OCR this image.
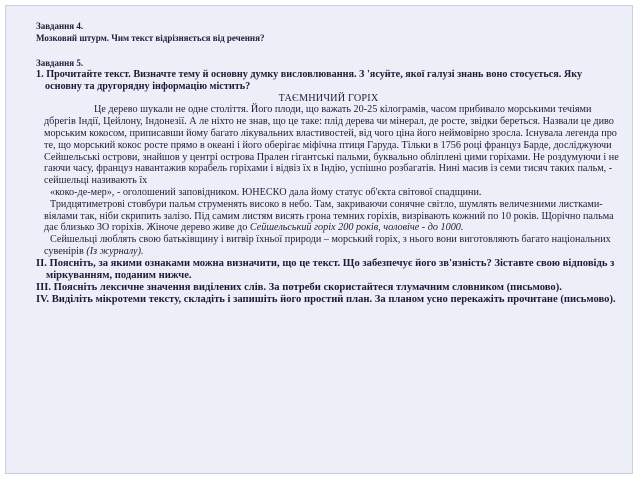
Завдання 4.

Мозковий штурм. Чим текст відрізняється від речення?

Завдання 5.

1. Прочитайте текст. Визначте тему й основну думку висловлювання. З 'ясуйте, якої галузі знань воно стосується. Яку основну та другорядну інформацію містить?

ТАЄМНИЧИЙ ГОРІХ

Це дерево шукали не одне століття. Його плоди, що важать 20-25 кілограмів, часом прибивало морськими течіями дбрегів Індії, Цейлону, Індонезії. А ле ніхто не знав, що це таке: плід дерева чи мінерал, де росте, звідки береться. Назвали це диво морським кокосом, приписавши йому багато лікувальних властивостей, від чого ціна його неймовірно зросла. Існувала легенда про те, що морський кокос росте прямо в океані і його оберігає міфічна птиця Гаруда. Тільки в 1756 році француз Барде, досліджуючи Сейшельські острови, знайшов у центрі острова Прален гігантські пальми, буквально обліплені цими горіхами. Не роздумуючи і не гаючи часу, француз навантажив корабель горіхами і відвіз їх в Індію, успішно розбагатів. Нині масив із семи тисяч таких пальм, - сейшельці називають їх

«коко-де-мер», - оголошений заповідником. ЮНЕСКО дала йому статус об'єкта світової спадщини.

Тридцятиметрові стовбури пальм струменять високо в небо. Там, закриваючи сонячне світло, шумлять величезними листками-віялами так, ніби скрипить залізо. Під самим листям висять грона темних горіхів, визрівають кожний по 10 років. Щорічно пальма дає близько ЗО горіхів. Жіноче дерево живе до Сейшельський горіх 200 років, чоловіче - до 1000.

Сейшельці люблять свою батьківщину і витвір їхньої природи – морський горіх, з нього вони виготовляють багато національних сувенірів (Із журналу).

II. Поясніть, за якими ознаками можна визначити, що це текст. Що забезпечує його зв'язність? Зіставте свою відповідь з міркуванням, поданим нижче.

III. Поясніть лексичне значення виділених слів. За потреби скористайтеся тлумачним словником (письмово).

IV. Виділіть мікротеми тексту, складіть і запишіть його простий план. За планом усно перекажіть прочитане (письмово).
